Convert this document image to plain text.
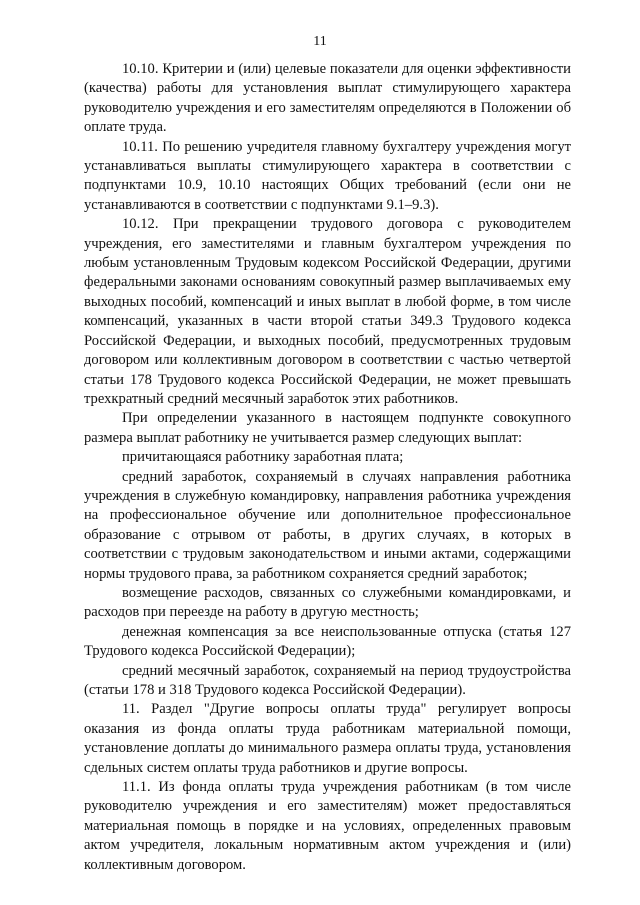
11

10.10. Критерии и (или) целевые показатели для оценки эффективности (качества) работы для установления выплат стимулирующего характера руководителю учреждения и его заместителям определяются в Положении об оплате труда.

10.11. По решению учредителя главному бухгалтеру учреждения могут устанавливаться выплаты стимулирующего характера в соответствии с подпунктами 10.9, 10.10 настоящих Общих требований (если они не устанавливаются в соответствии с подпунктами 9.1–9.3).

10.12. При прекращении трудового договора с руководителем учреждения, его заместителями и главным бухгалтером учреждения по любым установленным Трудовым кодексом Российской Федерации, другими федеральными законами основаниям совокупный размер выплачиваемых ему выходных пособий, компенсаций и иных выплат в любой форме, в том числе компенсаций, указанных в части второй статьи 349.3 Трудового кодекса Российской Федерации, и выходных пособий, предусмотренных трудовым договором или коллективным договором в соответствии с частью четвертой статьи 178 Трудового кодекса Российской Федерации, не может превышать трехкратный средний месячный заработок этих работников.

При определении указанного в настоящем подпункте совокупного размера выплат работнику не учитывается размер следующих выплат:

причитающаяся работнику заработная плата;

средний заработок, сохраняемый в случаях направления работника учреждения в служебную командировку, направления работника учреждения на профессиональное обучение или дополнительное профессиональное образование с отрывом от работы, в других случаях, в которых в соответствии с трудовым законодательством и иными актами, содержащими нормы трудового права, за работником сохраняется средний заработок;

возмещение расходов, связанных со служебными командировками, и расходов при переезде на работу в другую местность;

денежная компенсация за все неиспользованные отпуска (статья 127 Трудового кодекса Российской Федерации);

средний месячный заработок, сохраняемый на период трудоустройства (статьи 178 и 318 Трудового кодекса Российской Федерации).

11. Раздел "Другие вопросы оплаты труда" регулирует вопросы оказания из фонда оплаты труда работникам материальной помощи, установление доплаты до минимального размера оплаты труда, установления сдельных систем оплаты труда работников и другие вопросы.

11.1. Из фонда оплаты труда учреждения работникам (в том числе руководителю учреждения и его заместителям) может предоставляться материальная помощь в порядке и на условиях, определенных правовым актом учредителя, локальным нормативным актом учреждения и (или) коллективным договором.
